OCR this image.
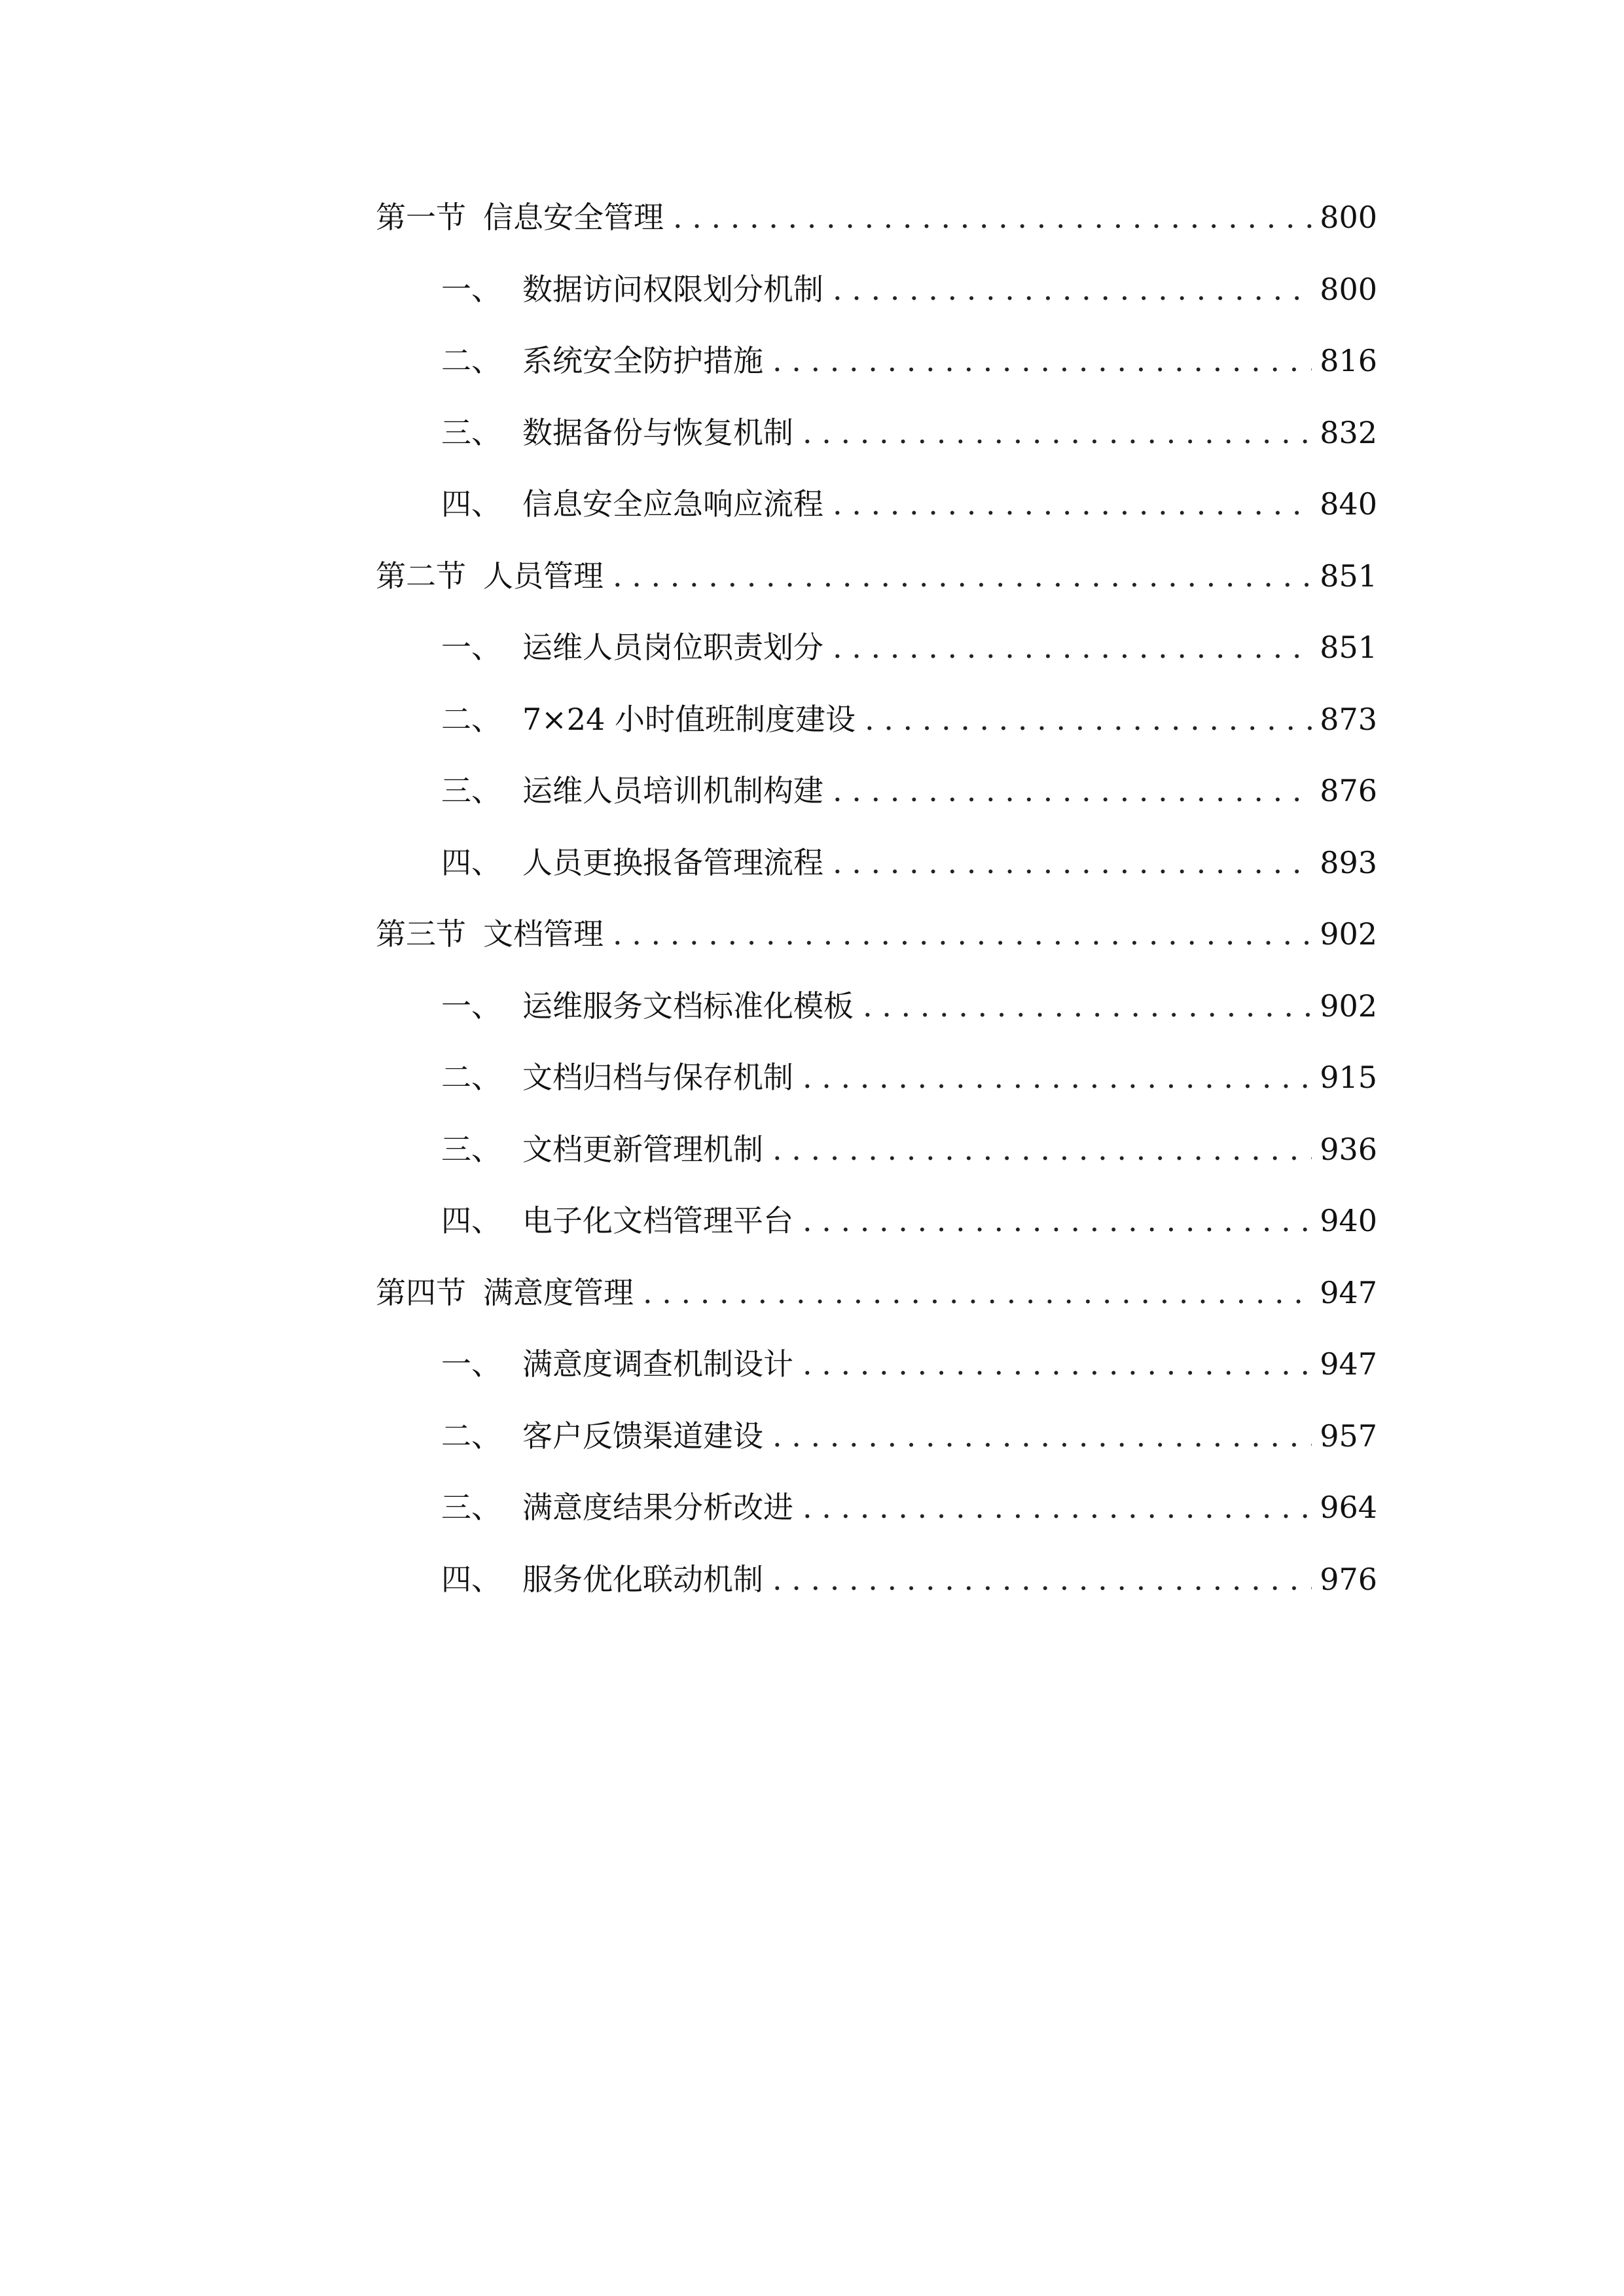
第一节 信息安全管理 . . .	800
一、 数据访问权限划分机制 . . .	800
二、 系统安全防护措施 . . .	816
三、 数据备份与恢复机制 . . .	832
四、 信息安全应急响应流程 . . .	840
第二节 人员管理 . . .	851
一、 运维人员岗位职责划分 . . .	851
二、 7×24 小时值班制度建设 . . .	873
三、 运维人员培训机制构建 . . .	876
四、 人员更换报备管理流程 . . .	893
第三节 文档管理 . . .	902
一、 运维服务文档标准化模板 . . .	902
二、 文档归档与保存机制 . . .	915
三、 文档更新管理机制 . . .	936
四、 电子化文档管理平台 . . .	940
第四节 满意度管理 . . .	947
一、 满意度调查机制设计 . . .	947
二、 客户反馈渠道建设 . . .	957
三、 满意度结果分析改进 . . .	964
四、 服务优化联动机制 . . .	976
